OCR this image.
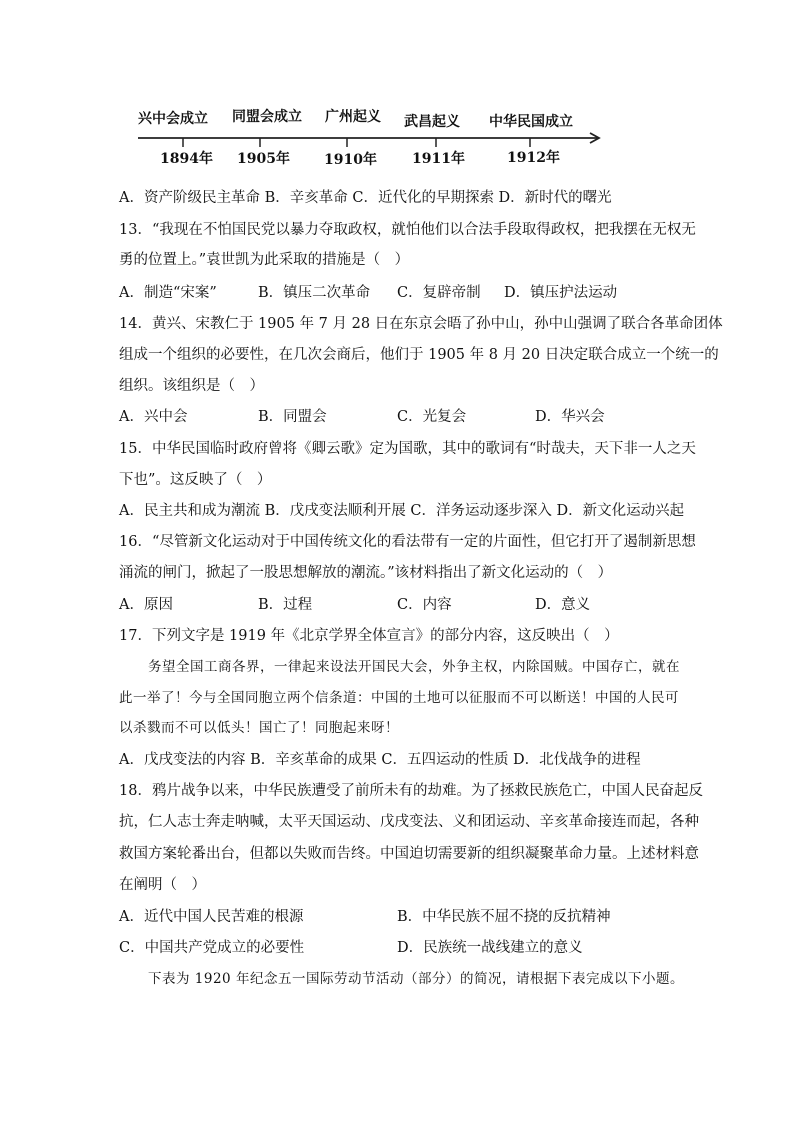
兴中会成立 同盟会成立 广州起义 武昌起义 中华民国成立
1894年 1905年 1910年	1911年	1912年
A．资产阶级民主革命 B．辛亥革命 C．近代化的早期探索 D．新时代的曙光
13．“我现在不怕国民党以暴力夺取政权，就怕他们以合法手段取得政权，把我摆在无权无
勇的位置上。”袁世凯为此采取的措施是（　）
A．制造“宋案”	B．镇压二次革命 C．复辟帝制 D．镇压护法运动
14．黄兴、宋教仁于 1905 年 7 月 28 日在东京会晤了孙中山，孙中山强调了联合各革命团体
组成一个组织的必要性，在几次会商后，他们于 1905 年 8 月 20 日决定联合成立一个统一的
组织。该组织是（　）
A．兴中会	B．同盟会	C．光复会	D．华兴会
15．中华民国临时政府曾将《卿云歌》定为国歌，其中的歌词有“时哉夫，天下非一人之天
下也”。这反映了（　）
A．民主共和成为潮流 B．戊戌变法顺利开展 C．洋务运动逐步深入 D．新文化运动兴起
16．“尽管新文化运动对于中国传统文化的看法带有一定的片面性，但它打开了遏制新思想
涌流的闸门，掀起了一股思想解放的潮流。”该材料指出了新文化运动的（　）
A．原因	B．过程	C．内容	D．意义
17．下列文字是 1919 年《北京学界全体宣言》的部分内容，这反映出（　）
务望全国工商各界，一律起来设法开国民大会，外争主权，内除国贼。中国存亡，就在
此一举了！今与全国同胞立两个信条道：中国的土地可以征服而不可以断送！中国的人民可
以杀戮而不可以低头！国亡了！同胞起来呀！
A．戊戌变法的内容 B．辛亥革命的成果 C．五四运动的性质 D．北伐战争的进程
18．鸦片战争以来，中华民族遭受了前所未有的劫难。为了拯救民族危亡，中国人民奋起反
抗，仁人志士奔走呐喊，太平天国运动、戊戌变法、义和团运动、辛亥革命接连而起，各种
救国方案轮番出台，但都以失败而告终。中国迫切需要新的组织凝聚革命力量。上述材料意
在阐明（　）
A．近代中国人民苦难的根源	B．中华民族不屈不挠的反抗精神
C．中国共产党成立的必要性	D．民族统一战线建立的意义
下表为 1920 年纪念五一国际劳动节活动（部分）的简况，请根据下表完成以下小题。
